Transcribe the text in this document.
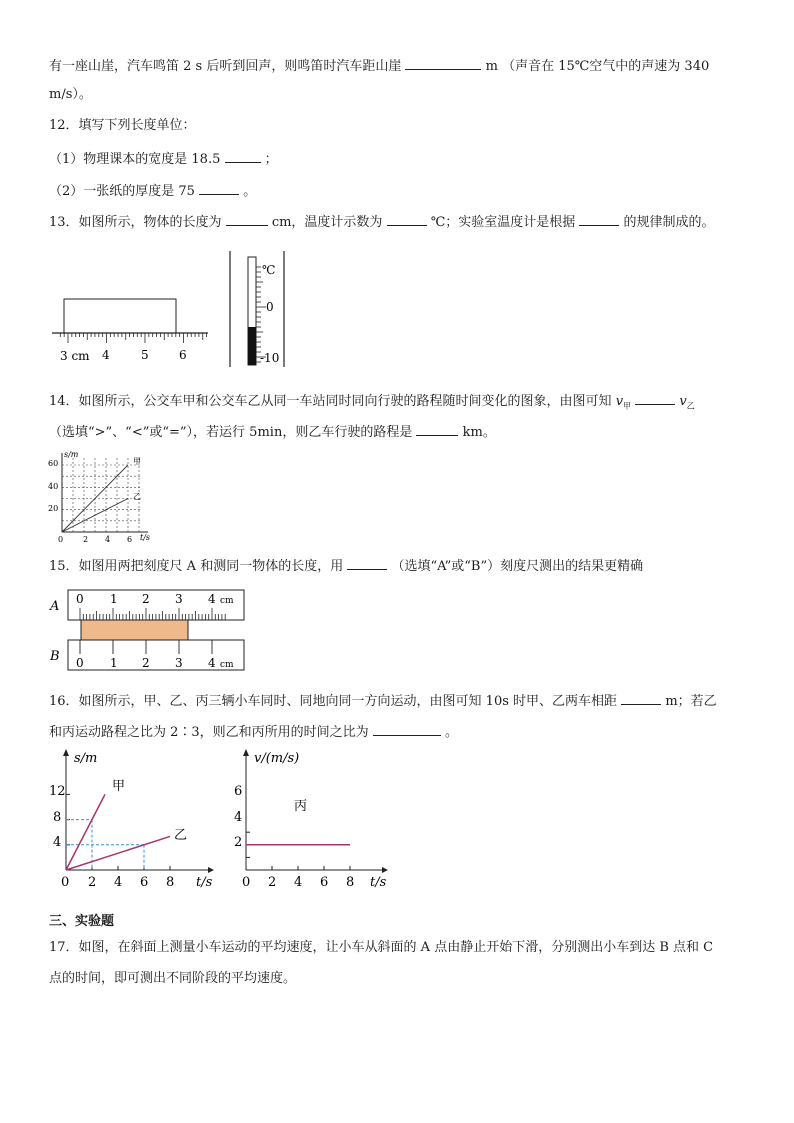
有一座山崖，汽车鸣笛 2 s 后听到回声，则鸣笛时汽车距山崖	m （声音在 15℃空气中的声速为 340
m/s）。
12．填写下列长度单位：
（1）物理课本的宽度是 18.5	；
（2）一张纸的厚度是 75	。
13．如图所示，物体的长度为	cm，温度计示数为	℃；实验室温度计是根据	的规律制成的。
3 cm 4	5	6
℃
0
-10
14．如图所示，公交车甲和公交车乙从同一车站同时同向行驶的路程随时间变化的图象，由图可知 $v_甲$	$v_乙$
（选填“>”、“<”或“=”），若运行 5min，则乙车行驶的路程是	km。
s/m
t/s
60
40
20
0 2 4 6
甲
乙
15．如图用两把刻度尺 A 和测同一物体的长度，用	（选填“A”或“B”）刻度尺测出的结果更精确
A 0 1 2 3 4 cm
B 0 1 2 3 4 cm
16．如图所示，甲、乙、丙三辆小车同时、同地向同一方向运动，由图可知 10s 时甲、乙两车相距	m；若乙
和丙运动路程之比为 2∶3，则乙和丙所用的时间之比为	。
s/m
t/s
12
8
4
0 2 4 6 8
甲
乙
v/(m/s)
t/s
6
4
2
0 2 4 6 8
丙
三、实验题
17．如图，在斜面上测量小车运动的平均速度，让小车从斜面的 A 点由静止开始下滑，分别测出小车到达 B 点和 C
点的时间，即可测出不同阶段的平均速度。
